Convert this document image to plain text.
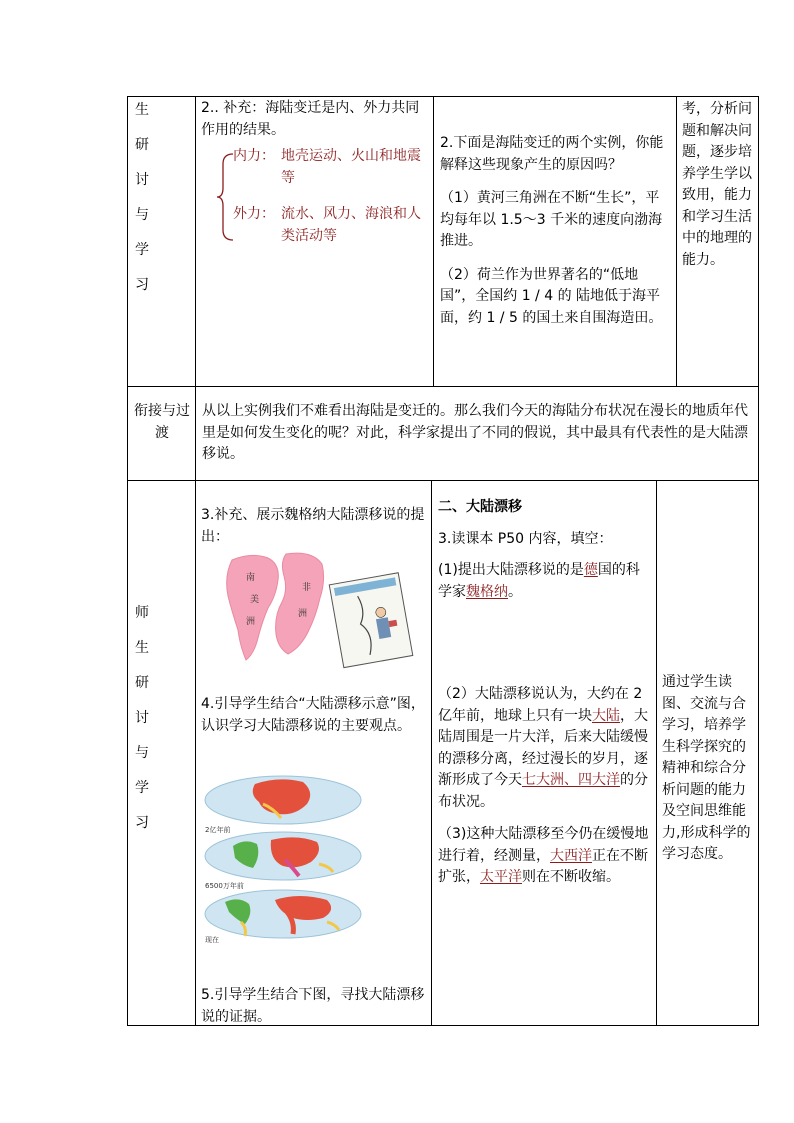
生
研
讨
与
学
习

2.. 补充：海陆变迁是内、外力共同作用的结果。

内力： 地壳运动、火山和地震等
外力： 流水、风力、海浪和人类活动等

2.下面是海陆变迁的两个实例，你能解释这些现象产生的原因吗？

（1）黄河三角洲在不断“生长”，平均每年以 1.5～3 千米的速度向渤海推进。

（2）荷兰作为世界著名的“低地国”，全国约 1 / 4 的 陆地低于海平面，约 1 / 5 的国土来自围海造田。

考，分析问题和解决问题，逐步培养学生学以致用，能力和学习生活中的地理的能力。

衔接与过渡

从以上实例我们不难看出海陆是变迁的。那么我们今天的海陆分布状况在漫长的地质年代里是如何发生变化的呢？对此，科学家提出了不同的假说，其中最具有代表性的是大陆漂移说。

师
生
研
讨
与
学
习

3.补充、展示魏格纳大陆漂移说的提出：

南
美
洲
非
洲

4.引导学生结合“大陆漂移示意”图，认识学习大陆漂移说的主要观点。

2亿年前
6500万年前
现在

5.引导学生结合下图，寻找大陆漂移说的证据。

二、大陆漂移

3.读课本 P50 内容，填空：

(1)提出大陆漂移说的是德国的科学家魏格纳。

（2）大陆漂移说认为，大约在 2 亿年前，地球上只有一块大陆，大陆周围是一片大洋，后来大陆缓慢的漂移分离，经过漫长的岁月，逐渐形成了今天七大洲、四大洋的分布状况。

（3)这种大陆漂移至今仍在缓慢地进行着，经测量，大西洋正在不断扩张，太平洋则在不断收缩。

通过学生读图、交流与合学习，培养学生科学探究的精神和综合分析问题的能力及空间思维能力,形成科学的学习态度。
